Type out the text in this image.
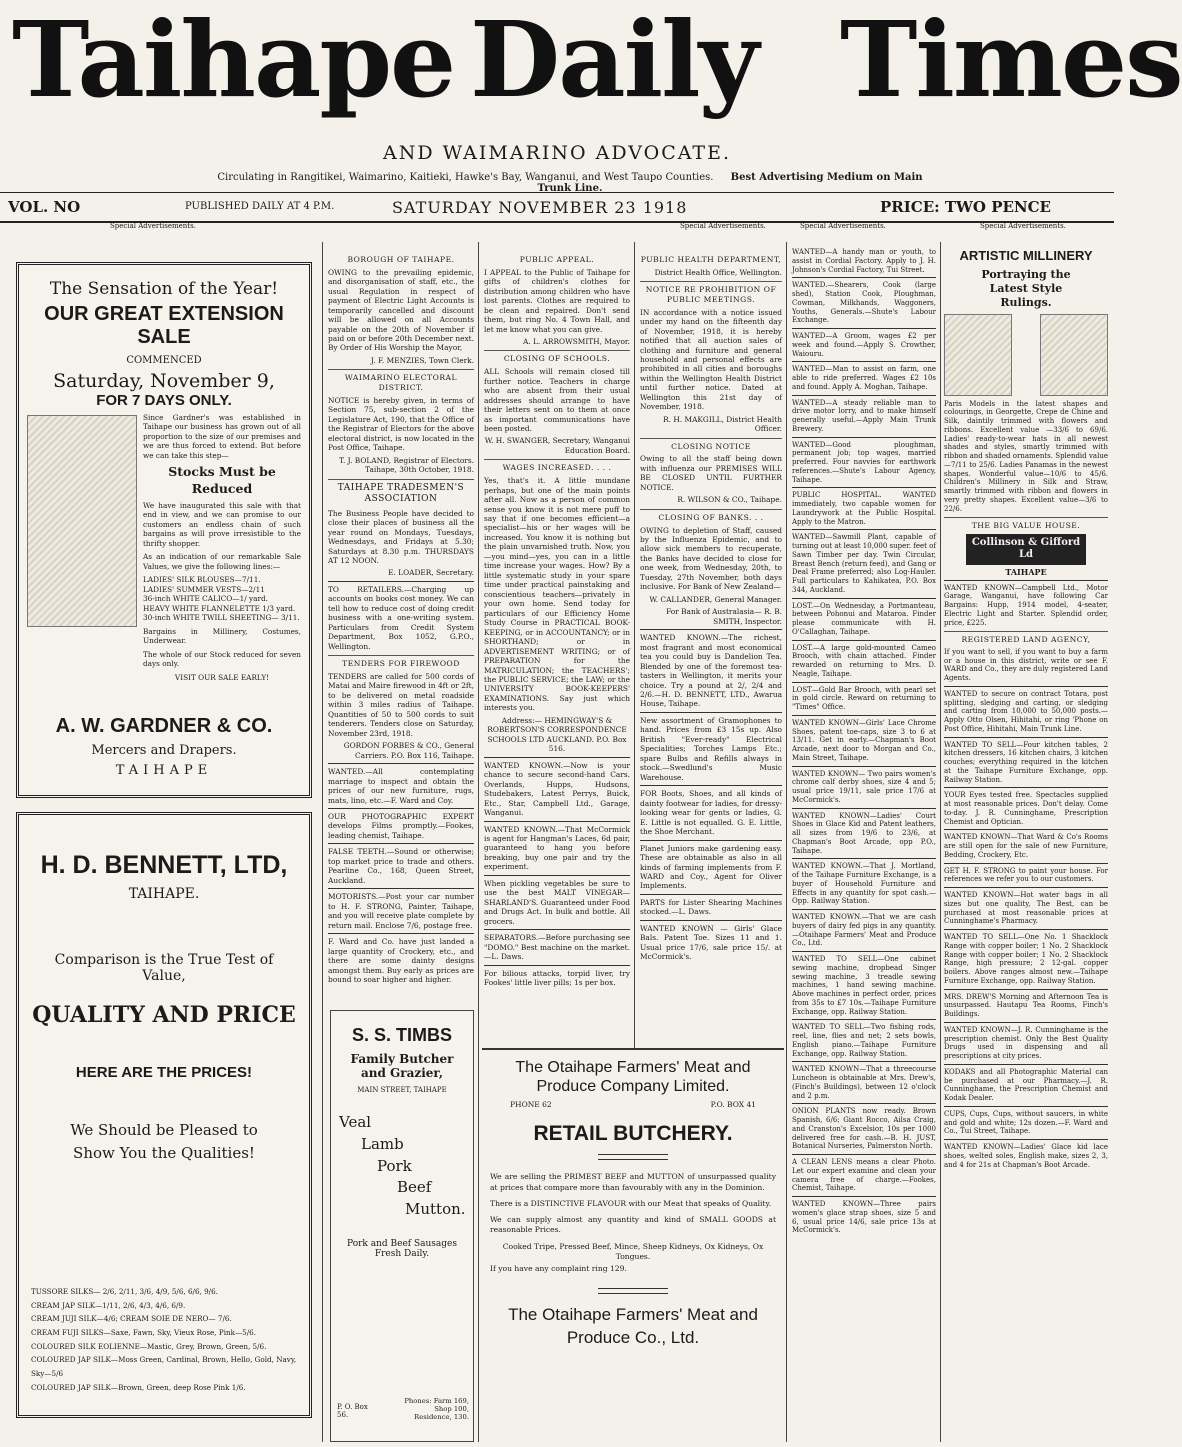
Taihape Daily Times
AND WAIMARINO ADVOCATE.
Circulating in Rangitikei, Waimarino, Kaitieki, Hawke's Bay, Wanganui, and West Taupo Counties. Best Advertising Medium on Main Trunk Line.
VOL. NO	PUBLISHED DAILY AT 4 P.M.	SATURDAY NOVEMBER 23 1918	PRICE: TWO PENCE
Special Advertisements.	Special Advertisements.	Special Advertisements.	Special Advertisements.
The Sensation of the Year!
OUR GREAT EXTENSION SALE
COMMENCED
Saturday, November 9,
FOR 7 DAYS ONLY.

Since Gardner's was established in Taihape our business has grown out of all proportion to the size of our premises and we are thus forced to extend. But before we can take this step—

Stocks Must be Reduced

We have inaugurated this sale with that end in view, and we can promise to our customers an endless chain of such bargains as will prove irresistible to the thrifty shopper.

As an indication of our remarkable Sale Values, we give the following lines:—

LADIES' SILK BLOUSES—7/11.
LADIES' SUMMER VESTS—2/11
36-inch WHITE CALICO—1/ yard.
HEAVY WHITE FLANNELETTE 1/3 yard.
30-inch WHITE TWILL SHEETING— 3/11.

Bargains in Millinery, Costumes, Underwear.

The whole of our Stock reduced for seven days only.

VISIT OUR SALE EARLY!
A. W. GARDNER & CO.
Mercers and Drapers.
TAIHAPE
H. D. BENNETT, LTD,
TAIHAPE.
Comparison is the True Test of Value,
QUALITY AND PRICE
HERE ARE THE PRICES!
We Should be Pleased to Show You the Qualities!
TUSSORE SILKS— 2/6, 2/11, 3/6, 4/9, 5/6, 6/6, 9/6.
CREAM JAP SILK—1/11, 2/6, 4/3, 4/6, 6/9.
CREAM JUJI SILK—4/6; CREAM SOIE DE NERO— 7/6.
CREAM FUJI SILKS—Saxe, Fawn, Sky, Vieux Rose, Pink—5/6.
COLOURED SILK EOLIENNE—Mastic, Grey, Brown, Green, 5/6.
COLOURED JAP SILK—Moss Green, Cardinal, Brown, Hello, Gold, Navy, Sky—5/6
COLOURED JAP SILK—Brown, Green, deep Rose Pink 1/6.
BOROUGH OF TAIHAPE.

OWING to the prevailing epidemic, and disorganisation of staff, etc., the usual Regulation in respect of payment of Electric Light Accounts is temporarily cancelled and discount will be allowed on all Accounts payable on the 20th of November if paid on or before 20th December next. By Order of His Worship the Mayor,

J. F. MENZIES, Town Clerk.

WAIMARINO ELECTORAL DISTRICT.

NOTICE is hereby given, in terms of Section 75, sub-section 2 of the Legislature Act, 190, that the Office of the Registrar of Electors for the above electoral district, is now located in the Post Office, Taihape.

T. J. BOLAND, Registrar of Electors. Taihape, 30th October, 1918.

TAIHAPE TRADESMEN'S ASSOCIATION

The Business People have decided to close their places of business all the year round on Mondays, Tuesdays, Wednesdays, and Fridays at 5.30; Saturdays at 8.30 p.m. THURSDAYS AT 12 NOON.

E. LOADER, Secretary.

TO RETAILERS.—Charging up accounts on books cost money. We can tell how to reduce cost of doing credit business with a one-writing system. Particulars from Credit System Department, Box 1052, G.P.O., Wellington.

TENDERS FOR FIREWOOD

TENDERS are called for 500 cords of Matai and Maire firewood in 4ft or 2ft, to be delivered on metal roadside within 3 miles radius of Taihape. Quantities of 50 to 500 cords to suit tenderers. Tenders close on Saturday, November 23rd, 1918.

GORDON FORBES & CO., General Carriers. P.O. Box 116, Taihape.

WANTED.—All contemplating marriage to inspect and obtain the prices of our new furniture, rugs, mats, lino, etc.—F. Ward and Coy.

OUR PHOTOGRAPHIC EXPERT develops Films promptly.—Fookes, leading chemist, Taihape.

FALSE TEETH.—Sound or otherwise; top market price to trade and others. Pearline Co., 168, Queen Street, Auckland.

MOTORISTS.—Post your car number to H. F. STRONG, Painter, Taihape, and you will receive plate complete by return mail. Enclose 7/6, postage free.

F. Ward and Co. have just landed a large quantity of Crockery, etc., and there are some dainty designs amongst them. Buy early as prices are bound to soar higher and higher.

S. S. TIMBS
Family Butcher and Grazier,
MAIN STREET, TAIHAPE
Veal
Lamb
Pork
Beef
Mutton.
Pork and Beef Sausages Fresh Daily.
P. O. Box 56.
Phones: Farm 169, Shop 100, Residence, 130.
PUBLIC APPEAL.

I APPEAL to the Public of Taihape for gifts of children's clothes for distribution among children who have lost parents. Clothes are required to be clean and repaired. Don't send them, but ring No. 4 Town Hall, and let me know what you can give.

A. L. ARROWSMITH, Mayor.

CLOSING OF SCHOOLS.

ALL Schools will remain closed till further notice. Teachers in charge who are absent from their usual addresses should arrange to have their letters sent on to them at once as important communications have been posted.

W. H. SWANGER, Secretary, Wanganui Education Board.

WAGES INCREASED. . . .

Yes, that's it. A little mundane perhaps, but one of the main points after all. Now as a person of common sense you know it is not mere puff to say that if one becomes efficient—a specialist—his or her wages will be increased. You know it is nothing but the plain unvarnished truth. Now, you—you mind—yes, you can in a little time increase your wages. How? By a little systematic study in your spare time under practical painstaking and conscientious teachers—privately in your own home. Send today for particulars of our Efficiency Home Study Course in PRACTICAL BOOK-KEEPING, or in ACCOUNTANCY; or in SHORTHAND; or in ADVERTISEMENT WRITING; or of PREPARATION for the MATRICULATION; the TEACHERS'; the PUBLIC SERVICE; the LAW; or the UNIVERSITY BOOK-KEEPERS' EXAMINATIONS. Say just which interests you.

Address:— HEMINGWAY'S & ROBERTSON'S CORRESPONDENCE SCHOOLS LTD AUCKLAND. P.O. Box 516.

WANTED KNOWN.—Now is your chance to secure second-hand Cars. Overlands, Hupps, Hudsons, Studebakers, Latest Perrys, Buick, Etc., Star, Campbell Ltd., Garage, Wanganui.

WANTED KNOWN.—That McCormick is agent for Hangman's Laces, 6d pair, guaranteed to hang you before breaking, buy one pair and try the experiment.

When pickling vegetables be sure to use the best MALT VINEGAR—SHARLAND'S. Guaranteed under Food and Drugs Act. In bulk and bottle. All grocers.

SEPARATORS.—Before purchasing see "DOMO." Best machine on the market.—L. Daws.

For bilious attacks, torpid liver, try Fookes' little liver pills; 1s per box.

PUBLIC HEALTH DEPARTMENT,

District Health Office, Wellington.

NOTICE RE PROHIBITION OF PUBLIC MEETINGS.

IN accordance with a notice issued under my hand on the fifteenth day of November, 1918, it is hereby notified that all auction sales of clothing and furniture and general household and personal effects are prohibited in all cities and boroughs within the Wellington Health District until further notice. Dated at Wellington this 21st day of November, 1918.

R. H. MAKGILL, District Health Officer.

CLOSING NOTICE

Owing to all the staff being down with influenza our PREMISES WILL BE CLOSED UNTIL FURTHER NOTICE.

R. WILSON & CO., Taihape.

CLOSING OF BANKS. . .

OWING to depletion of Staff, caused by the Influenza Epidemic, and to allow sick members to recuperate, the Banks have decided to close for one week, from Wednesday, 20th, to Tuesday, 27th November, both days inclusive. For Bank of New Zealand—

W. CALLANDER, General Manager.

For Bank of Australasia— R. B. SMITH, Inspector.

WANTED KNOWN.—The richest, most fragrant and most economical tea you could buy is Dandelion Tea. Blended by one of the foremost tea-tasters in Wellington, it merits your choice. Try a pound at 2/, 2/4 and 2/6.—H. D. BENNETT, LTD., Awarua House, Taihape.

New assortment of Gramophones to hand. Prices from £3 15s up. Also British "Ever-ready" Electrical Specialities; Torches Lamps Etc.; spare Bulbs and Refills always in stock.—Swedlund's Music Warehouse.

FOR Boots, Shoes, and all kinds of dainty footwear for ladies, for dressy-looking wear for gents or ladies, G. E. Little is not equalled. G. E. Little, the Shoe Merchant.

Planet Juniors make gardening easy. These are obtainable as also in all kinds of farming implements from F. WARD and Coy., Agent for Oliver Implements.

PARTS for Lister Shearing Machines stocked.—L. Daws.

WANTED KNOWN — Girls' Glace Bals. Patent Toe. Sizes 11 and 1. Usual price 17/6, sale price 15/. at McCormick's.

The Otaihape Farmers' Meat and Produce Company Limited.
PHONE 62	P.O. BOX 41
RETAIL BUTCHERY.

We are selling the PRIMEST BEEF and MUTTON of unsurpassed quality at prices that compare more than favourably with any in the Dominion.

There is a DISTINCTIVE FLAVOUR with our Meat that speaks of Quality.

We can supply almost any quantity and kind of SMALL GOODS at reasonable Prices.

Cooked Tripe, Pressed Beef, Mince, Sheep Kidneys, Ox Kidneys, Ox Tongues.

If you have any complaint ring 129.

The Otaihape Farmers' Meat and Produce Co., Ltd.

WANTED—A handy man or youth, to assist in Cordial Factory. Apply to J. H. Johnson's Cordial Factory, Tui Street.

WANTED.—Shearers, Cook (large shed), Station Cook, Ploughman, Cowman, Milkhands, Waggoners, Youths, Generals.—Shute's Labour Exchange.

WANTED—A Groom, wages £2 per week and found.—Apply S. Crowther, Waiouru.

WANTED—Man to assist on farm, one able to ride preferred. Wages £2 10s and found. Apply A. Moghan, Taihape.

WANTED—A steady reliable man to drive motor lorry, and to make himself generally useful.—Apply Main Trunk Brewery.

WANTED—Good ploughman, permanent job; top wages, married preferred. Four navvies for earthwork references.—Shute's Labour Agency, Taihape.

PUBLIC HOSPITAL. WANTED immediately, two capable women for Laundrywork at the Public Hospital. Apply to the Matron.

WANTED—Sawmill Plant, capable of turning out at least 10,000 super. feet of Sawn Timber per day. Twin Circular, Breast Bench (return feed), and Gang or Deal Frame preferred; also Log-Hauler. Full particulars to Kahikatea, P.O. Box 344, Auckland.

LOST.—On Wednesday, a Portmanteau, between Pohonui and Mataroa. Finder please communicate with H. O'Callaghan, Taihape.

LOST.—A large gold-mounted Cameo Brooch, with chain attached. Finder rewarded on returning to Mrs. D. Neagle, Taihape.

LOST—Gold Bar Brooch, with pearl set in gold circle. Reward on returning to "Times" Office.

WANTED KNOWN—Girls' Lace Chrome Shoes, patent toe-caps, size 3 to 6 at 13/11. Get in early.—Chapman's Boot Arcade, next door to Morgan and Co., Main Street, Taihape.

WANTED KNOWN— Two pairs women's chrome calf derby shoes, size 4 and 5; usual price 19/11, sale price 17/6 at McCormick's.

WANTED KNOWN—Ladies' Court Shoes in Glace Kid and Patent leathers, all sizes from 19/6 to 23/6, at Chapman's Boot Arcade, opp P.O., Taihape.

WANTED KNOWN.—That J. Mortland, of the Taihape Furniture Exchange, is a buyer of Household Furniture and Effects in any quantity for spot cash.—Opp. Railway Station.

WANTED KNOWN.—That we are cash buyers of dairy fed pigs in any quantity.—Otaihape Farmers' Meat and Produce Co., Ltd.

WANTED TO SELL—One cabinet sewing machine, dropbead Singer sewing machine, 3 treadle sewing machines, 1 hand sewing machine. Above machines in perfect order, prices from 35s to £7 10s.—Taihape Furniture Exchange, opp. Railway Station.

WANTED TO SELL—Two fishing rods, reel, line, flies and net; 2 sets bowls, English piano.—Taihape Furniture Exchange, opp. Railway Station.

WANTED KNOWN—That a threecourse Luncheon is obtainable at Mrs. Drew's, (Finch's Buildings), between 12 o'clock and 2 p.m.

ONION PLANTS now ready. Brown Spanish, 6/6; Giant Rocco, Ailsa Craig, and Cranston's Excelsior, 10s per 1000 delivered free for cash.—B. H. JUST, Botanical Nurseries, Palmerston North.

A CLEAN LENS means a clear Photo. Let our expert examine and clean your camera free of charge.—Fookes, Chemist, Taihape.

WANTED KNOWN—Three pairs women's glace strap shoes, size 5 and 6, usual price 14/6, sale price 13s at McCormick's.

ARTISTIC MILLINERY
Portraying the Latest Style Rulings.

Paris Models in the latest shapes and colourings, in Georgette, Crepe de Chine and Silk, daintily trimmed with flowers and ribbons. Excellent value —33/6 to 69/6. Ladies' ready-to-wear hats in all newest shades and styles, smartly trimmed with ribbon and shaded ornaments. Splendid value—7/11 to 25/6. Ladies Panamas in the newest shapes. Wonderful value—10/6 to 45/6. Children's Millinery in Silk and Straw, smartly trimmed with ribbon and flowers in very pretty shapes. Excellent value—3/6 to 22/6.

THE BIG VALUE HOUSE.
Collinson & Gifford Ld
TAIHAPE

WANTED KNOWN—Campbell Ltd., Motor Garage, Wanganui, have following Car Bargains: Hupp, 1914 model, 4-seater, Electric Light and Starter. Splendid order, price, £225.

REGISTERED LAND AGENCY,

If you want to sell, if you want to buy a farm or a house in this district, write or see F. WARD and Co., they are duly registered Land Agents.

WANTED to secure on contract Totara, post splitting, sledging and carting, or sledging and carting from 10,000 to 50,000 posts.—Apply Otto Olsen, Hihitahi, or ring 'Phone on Post Office, Hihitahi, Main Trunk Line.

WANTED TO SELL—Four kitchen tables, 2 kitchen dressers, 16 kitchen chairs, 3 kitchen couches; everything required in the kitchen at the Taihape Furniture Exchange, opp. Railway Station.

YOUR Eyes tested free. Spectacles supplied at most reasonable prices. Don't delay. Come to-day. J. R. Cunninghame, Prescription Chemist and Optician.

WANTED KNOWN—That Ward & Co's Rooms are still open for the sale of new Furniture, Bedding, Crockery, Etc.

GET H. F. STRONG to paint your house. For references we refer you to our customers.

WANTED KNOWN—Hot water bags in all sizes but one quality, The Best, can be purchased at most reasonable prices at Cunninghame's Pharmacy.

WANTED TO SELL—One No. 1 Shacklock Range with copper boiler; 1 No. 2 Shacklock Range with copper boiler; 1 No. 2 Shacklock Range, high pressure; 2 12-gal. copper boilers. Above ranges almost new.—Taihape Furniture Exchange, opp. Railway Station.

MRS. DREW'S Morning and Afternoon Tea is unsurpassed. Hautapu Tea Rooms, Finch's Buildings.

WANTED KNOWN—J. R. Cunninghame is the prescription chemist. Only the Best Quality Drugs used in dispensing and all prescriptions at city prices.

KODAKS and all Photographic Material can be purchased at our Pharmacy.—J. R. Cunninghame, the Prescription Chemist and Kodak Dealer.

CUPS, Cups, Cups, without saucers, in white and gold and white; 12s dozen.—F. Ward and Co., Tui Street, Taihape.

WANTED KNOWN—Ladies' Glace kid lace shoes, welted soles, English make, sizes 2, 3, and 4 for 21s at Chapman's Boot Arcade.
